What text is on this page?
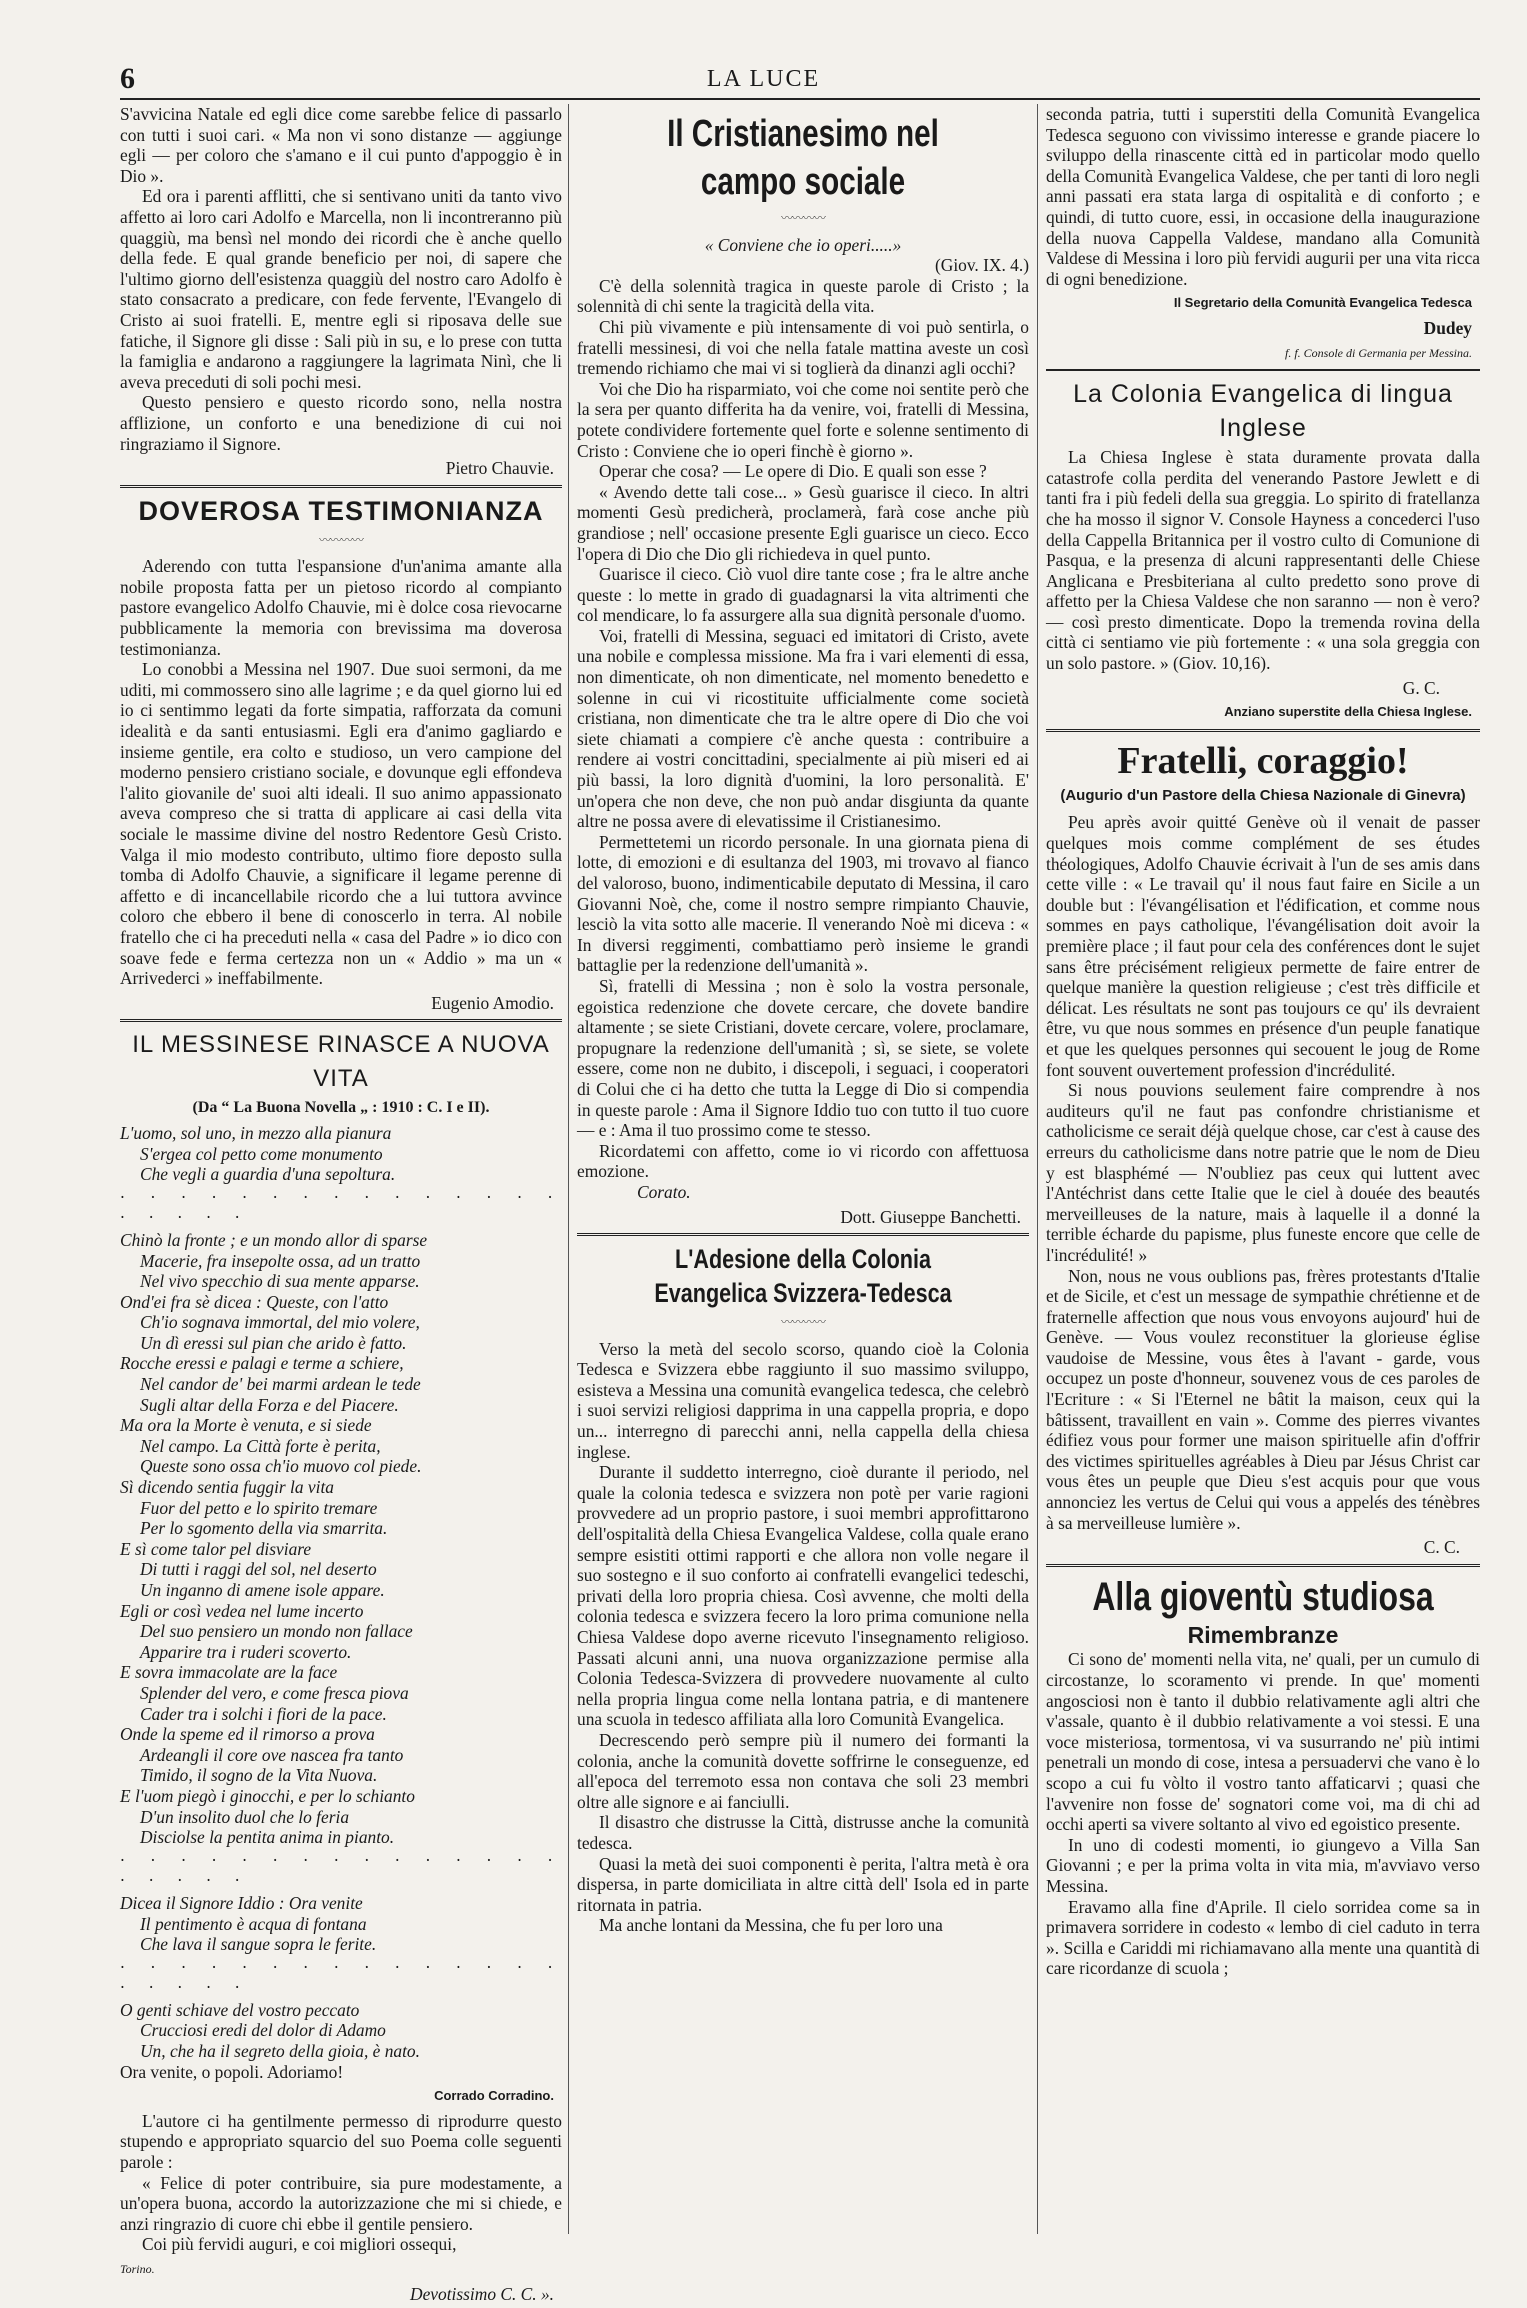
6	LA LUCE

S'avvicina Natale ed egli dice come sarebbe felice di passarlo con tutti i suoi cari. « Ma non vi sono distanze — aggiunge egli — per coloro che s'amano e il cui punto d'appoggio è in Dio ».

Ed ora i parenti afflitti, che si sentivano uniti da tanto vivo affetto ai loro cari Adolfo e Marcella, non li incontreranno più quaggiù, ma bensì nel mondo dei ricordi che è anche quello della fede. E qual grande beneficio per noi, di sapere che l'ultimo giorno dell'esistenza quaggiù del nostro caro Adolfo è stato consacrato a predicare, con fede fervente, l'Evangelo di Cristo ai suoi fratelli. E, mentre egli si riposava delle sue fatiche, il Signore gli disse : Sali più in su, e lo prese con tutta la famiglia e andarono a raggiungere la lagrimata Ninì, che li aveva preceduti di soli pochi mesi.

Questo pensiero e questo ricordo sono, nella nostra afflizione, un conforto e una benedizione di cui noi ringraziamo il Signore.

Pietro Chauvie.
DOVEROSA TESTIMONIANZA
〰〰〰〰

Aderendo con tutta l'espansione d'un'anima amante alla nobile proposta fatta per un pietoso ricordo al compianto pastore evangelico Adolfo Chauvie, mi è dolce cosa rievocarne pubblicamente la memoria con brevissima ma doverosa testimonianza.

Lo conobbi a Messina nel 1907. Due suoi sermoni, da me uditi, mi commossero sino alle lagrime ; e da quel giorno lui ed io ci sentimmo legati da forte simpatia, rafforzata da comuni idealità e da santi entusiasmi. Egli era d'animo gagliardo e insieme gentile, era colto e studioso, un vero campione del moderno pensiero cristiano sociale, e dovunque egli effondeva l'alito giovanile de' suoi alti ideali. Il suo animo appassionato aveva compreso che si tratta di applicare ai casi della vita sociale le massime divine del nostro Redentore Gesù Cristo. Valga il mio modesto contributo, ultimo fiore deposto sulla tomba di Adolfo Chauvie, a significare il legame perenne di affetto e di incancellabile ricordo che a lui tuttora avvince coloro che ebbero il bene di conoscerlo in terra. Al nobile fratello che ci ha preceduti nella « casa del Padre » io dico con soave fede e ferma certezza non un « Addio » ma un « Arrivederci » ineffabilmente.

Eugenio Amodio.
IL MESSINESE RINASCE A NUOVA VITA
(Da “ La Buona Novella „ : 1910 : C. I e II).
L'uomo, sol uno, in mezzo alla pianura
S'ergea col petto come monumento
Che vegli a guardia d'una sepoltura.
· · · · · · · · · · · · · · · · · · · ·
Chinò la fronte ; e un mondo allor di sparse
Macerie, fra insepolte ossa, ad un tratto
Nel vivo specchio di sua mente apparse.
Ond'ei fra sè dicea : Queste, con l'atto
Ch'io sognava immortal, del mio volere,
Un dì eressi sul pian che arido è fatto.
Rocche eressi e palagi e terme a schiere,
Nel candor de' bei marmi ardean le tede
Sugli altar della Forza e del Piacere.
Ma ora la Morte è venuta, e si siede
Nel campo. La Città forte è perita,
Queste sono ossa ch'io muovo col piede.
Sì dicendo sentia fuggir la vita
Fuor del petto e lo spirito tremare
Per lo sgomento della via smarrita.
E sì come talor pel disviare
Di tutti i raggi del sol, nel deserto
Un inganno di amene isole appare.
Egli or così vedea nel lume incerto
Del suo pensiero un mondo non fallace
Apparire tra i ruderi scoverto.
E sovra immacolate are la face
Splender del vero, e come fresca piova
Cader tra i solchi i fiori de la pace.
Onde la speme ed il rimorso a prova
Ardeangli il core ove nascea fra tanto
Timido, il sogno de la Vita Nuova.
E l'uom piegò i ginocchi, e per lo schianto
D'un insolito duol che lo feria
Disciolse la pentita anima in pianto.
· · · · · · · · · · · · · · · · · · · ·
Dicea il Signore Iddio : Ora venite
Il pentimento è acqua di fontana
Che lava il sangue sopra le ferite.
· · · · · · · · · · · · · · · · · · · ·
O genti schiave del vostro peccato
Crucciosi eredi del dolor di Adamo
Un, che ha il segreto della gioia, è nato.
Ora venite, o popoli. Adoriamo!
Corrado Corradino.

L'autore ci ha gentilmente permesso di riprodurre questo stupendo e appropriato squarcio del suo Poema colle seguenti parole :

« Felice di poter contribuire, sia pure modestamente, a un'opera buona, accordo la autorizzazione che mi si chiede, e anzi ringrazio di cuore chi ebbe il gentile pensiero.

Coi più fervidi auguri, e coi migliori ossequi,

Torino.
Devotissimo C. C. ».
Il Cristianesimo nel campo sociale
〰〰〰〰
« Conviene che io operi.....»
(Giov. IX. 4.)

C'è della solennità tragica in queste parole di Cristo ; la solennità di chi sente la tragicità della vita.

Chi più vivamente e più intensamente di voi può sentirla, o fratelli messinesi, di voi che nella fatale mattina aveste un così tremendo richiamo che mai vi si toglierà da dinanzi agli occhi?

Voi che Dio ha risparmiato, voi che come noi sentite però che la sera per quanto differita ha da venire, voi, fratelli di Messina, potete condividere fortemente quel forte e solenne sentimento di Cristo : Conviene che io operi finchè è giorno ».

Operar che cosa? — Le opere di Dio. E quali son esse ?

« Avendo dette tali cose... » Gesù guarisce il cieco. In altri momenti Gesù predicherà, proclamerà, farà cose anche più grandiose ; nell' occasione presente Egli guarisce un cieco. Ecco l'opera di Dio che Dio gli richiedeva in quel punto.

Guarisce il cieco. Ciò vuol dire tante cose ; fra le altre anche queste : lo mette in grado di guadagnarsi la vita altrimenti che col mendicare, lo fa assurgere alla sua dignità personale d'uomo.

Voi, fratelli di Messina, seguaci ed imitatori di Cristo, avete una nobile e complessa missione. Ma fra i vari elementi di essa, non dimenticate, oh non dimenticate, nel momento benedetto e solenne in cui vi ricostituite ufficialmente come società cristiana, non dimenticate che tra le altre opere di Dio che voi siete chiamati a compiere c'è anche questa : contribuire a rendere ai vostri concittadini, specialmente ai più miseri ed ai più bassi, la loro dignità d'uomini, la loro personalità. E' un'opera che non deve, che non può andar disgiunta da quante altre ne possa avere di elevatissime il Cristianesimo.

Permettetemi un ricordo personale. In una giornata piena di lotte, di emozioni e di esultanza del 1903, mi trovavo al fianco del valoroso, buono, indimenticabile deputato di Messina, il caro Giovanni Noè, che, come il nostro sempre rimpianto Chauvie, lesciò la vita sotto alle macerie. Il venerando Noè mi diceva : « In diversi reggimenti, combattiamo però insieme le grandi battaglie per la redenzione dell'umanità ».

Sì, fratelli di Messina ; non è solo la vostra personale, egoistica redenzione che dovete cercare, che dovete bandire altamente ; se siete Cristiani, dovete cercare, volere, proclamare, propugnare la redenzione dell'umanità ; sì, se siete, se volete essere, come non ne dubito, i discepoli, i seguaci, i cooperatori di Colui che ci ha detto che tutta la Legge di Dio si compendia in queste parole : Ama il Signore Iddio tuo con tutto il tuo cuore — e : Ama il tuo prossimo come te stesso.

Ricordatemi con affetto, come io vi ricordo con affettuosa emozione.

Corato.
Dott. Giuseppe Banchetti.
L'Adesione della Colonia Evangelica Svizzera-Tedesca
〰〰〰〰

Verso la metà del secolo scorso, quando cioè la Colonia Tedesca e Svizzera ebbe raggiunto il suo massimo sviluppo, esisteva a Messina una comunità evangelica tedesca, che celebrò i suoi servizi religiosi dapprima in una cappella propria, e dopo un... interregno di parecchi anni, nella cappella della chiesa inglese.

Durante il suddetto interregno, cioè durante il periodo, nel quale la colonia tedesca e svizzera non potè per varie ragioni provvedere ad un proprio pastore, i suoi membri approfittarono dell'ospitalità della Chiesa Evangelica Valdese, colla quale erano sempre esistiti ottimi rapporti e che allora non volle negare il suo sostegno e il suo conforto ai confratelli evangelici tedeschi, privati della loro propria chiesa. Così avvenne, che molti della colonia tedesca e svizzera fecero la loro prima comunione nella Chiesa Valdese dopo averne ricevuto l'insegnamento religioso. Passati alcuni anni, una nuova organizzazione permise alla Colonia Tedesca-Svizzera di provvedere nuovamente al culto nella propria lingua come nella lontana patria, e di mantenere una scuola in tedesco affiliata alla loro Comunità Evangelica.

Decrescendo però sempre più il numero dei formanti la colonia, anche la comunità dovette soffrirne le conseguenze, ed all'epoca del terremoto essa non contava che soli 23 membri oltre alle signore e ai fanciulli.

Il disastro che distrusse la Città, distrusse anche la comunità tedesca.

Quasi la metà dei suoi componenti è perita, l'altra metà è ora dispersa, in parte domiciliata in altre città dell' Isola ed in parte ritornata in patria.

Ma anche lontani da Messina, che fu per loro una

seconda patria, tutti i superstiti della Comunità Evangelica Tedesca seguono con vivissimo interesse e grande piacere lo sviluppo della rinascente città ed in particolar modo quello della Comunità Evangelica Valdese, che per tanti di loro negli anni passati era stata larga di ospitalità e di conforto ; e quindi, di tutto cuore, essi, in occasione della inaugurazione della nuova Cappella Valdese, mandano alla Comunità Valdese di Messina i loro più fervidi augurii per una vita ricca di ogni benedizione.

Il Segretario della Comunità Evangelica Tedesca
Dudey
f. f. Console di Germania per Messina.
La Colonia Evangelica di lingua Inglese

La Chiesa Inglese è stata duramente provata dalla catastrofe colla perdita del venerando Pastore Jewlett e di tanti fra i più fedeli della sua greggia. Lo spirito di fratellanza che ha mosso il signor V. Console Hayness a concederci l'uso della Cappella Britannica per il vostro culto di Comunione di Pasqua, e la presenza di alcuni rappresentanti delle Chiese Anglicana e Presbiteriana al culto predetto sono prove di affetto per la Chiesa Valdese che non saranno — non è vero? — così presto dimenticate. Dopo la tremenda rovina della città ci sentiamo vie più fortemente : « una sola greggia con un solo pastore. » (Giov. 10,16).

G. C.
Anziano superstite della Chiesa Inglese.
Fratelli, coraggio!
(Augurio d'un Pastore della Chiesa Nazionale di Ginevra)

Peu après avoir quitté Genève où il venait de passer quelques mois comme complément de ses études théologiques, Adolfo Chauvie écrivait à l'un de ses amis dans cette ville : « Le travail qu' il nous faut faire en Sicile a un double but : l'évangélisation et l'édification, et comme nous sommes en pays catholique, l'évangélisation doit avoir la première place ; il faut pour cela des conférences dont le sujet sans être précisément religieux permette de faire entrer de quelque manière la question religieuse ; c'est très difficile et délicat. Les résultats ne sont pas toujours ce qu' ils devraient être, vu que nous sommes en présence d'un peuple fanatique et que les quelques personnes qui secouent le joug de Rome font souvent ouvertement profession d'incrédulité.

Si nous pouvions seulement faire comprendre à nos auditeurs qu'il ne faut pas confondre christianisme et catholicisme ce serait déjà quelque chose, car c'est à cause des erreurs du catholicisme dans notre patrie que le nom de Dieu y est blasphémé — N'oubliez pas ceux qui luttent avec l'Antéchrist dans cette Italie que le ciel à douée des beautés merveilleuses de la nature, mais à laquelle il a donné la terrible écharde du papisme, plus funeste encore que celle de l'incrédulité! »

Non, nous ne vous oublions pas, frères protestants d'Italie et de Sicile, et c'est un message de sympathie chrétienne et de fraternelle affection que nous vous envoyons aujourd' hui de Genève. — Vous voulez reconstituer la glorieuse église vaudoise de Messine, vous êtes à l'avant - garde, vous occupez un poste d'honneur, souvenez vous de ces paroles de l'Ecriture : « Si l'Eternel ne bâtit la maison, ceux qui la bâtissent, travaillent en vain ». Comme des pierres vivantes édifiez vous pour former une maison spirituelle afin d'offrir des victimes spirituelles agréables à Dieu par Jésus Christ car vous êtes un peuple que Dieu s'est acquis pour que vous annonciez les vertus de Celui qui vous a appelés des ténèbres à sa merveilleuse lumière ».

C. C.
Alla gioventù studiosa
Rimembranze

Ci sono de' momenti nella vita, ne' quali, per un cumulo di circostanze, lo scoramento vi prende. In que' momenti angosciosi non è tanto il dubbio relativamente agli altri che v'assale, quanto è il dubbio relativamente a voi stessi. E una voce misteriosa, tormentosa, vi va susurrando ne' più intimi penetrali un mondo di cose, intesa a persuadervi che vano è lo scopo a cui fu vòlto il vostro tanto affaticarvi ; quasi che l'avvenire non fosse de' sognatori come voi, ma di chi ad occhi aperti sa vivere soltanto al vivo ed egoistico presente.

In uno di codesti momenti, io giungevo a Villa San Giovanni ; e per la prima volta in vita mia, m'avviavo verso Messina.

Eravamo alla fine d'Aprile. Il cielo sorridea come sa in primavera sorridere in codesto « lembo di ciel caduto in terra ». Scilla e Cariddi mi richiamavano alla mente una quantità di care ricordanze di scuola ;
